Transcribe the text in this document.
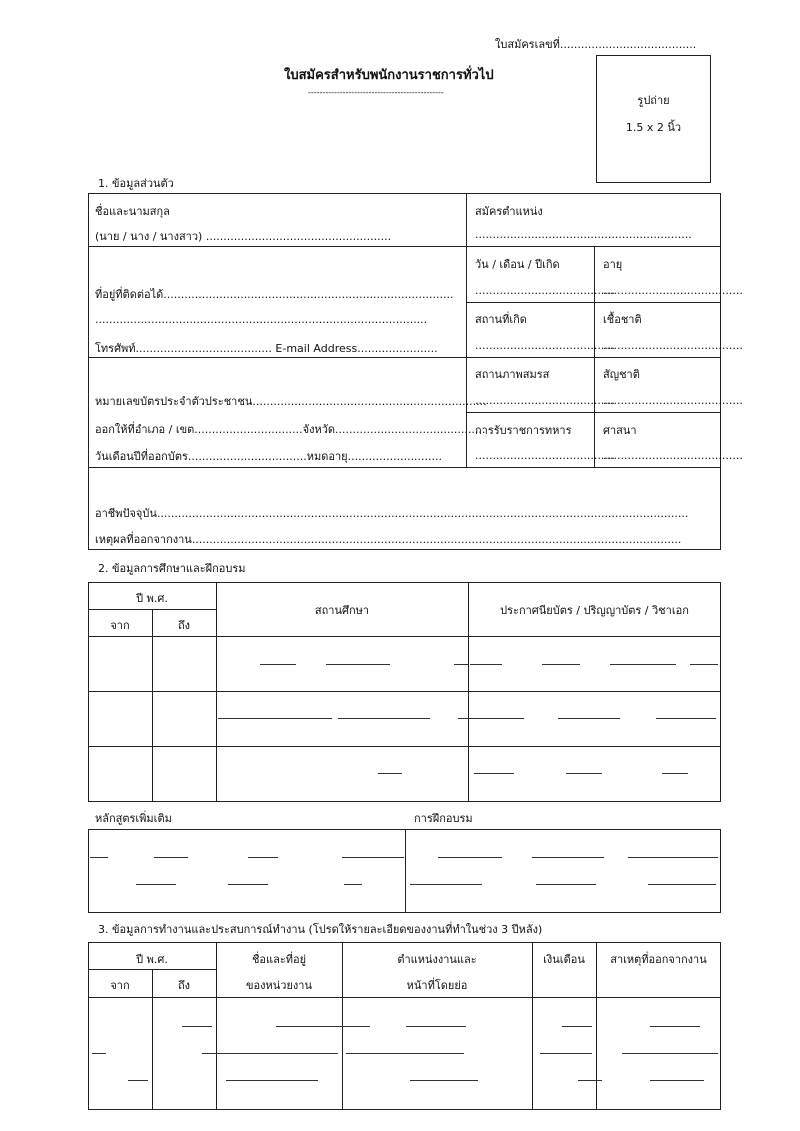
ใบสมัครเลขที่.......................................
ใบสมัครสำหรับพนักงานราชการทั่วไป
-----------------------------------------------
รูปถ่าย
1.5 x 2 นิ้ว
1. ข้อมูลส่วนตัว
ชื่อและนามสกุล
(นาย / นาง / นางสาว) .....................................................
สมัครตำแหน่ง
..............................................................
ที่อยู่ที่ติดต่อได้...................................................................................
...............................................................................................
โทรศัพท์....................................... E-mail Address.......................
วัน / เดือน / ปีเกิด
........................................
อายุ
........................................
สถานที่เกิด
........................................
เชื้อชาติ
........................................
หมายเลขบัตรประจำตัวประชาชน...................................................................
ออกให้ที่อำเภอ / เขต...............................จังหวัด...........................................
วันเดือนปีที่ออกบัตร..................................หมดอายุ...........................
สถานภาพสมรส
........................................
สัญชาติ
........................................
การรับราชการทหาร
........................................
ศาสนา
........................................
อาชีพปัจจุบัน........................................................................................................................................................
เหตุผลที่ออกจากงาน............................................................................................................................................
2. ข้อมูลการศึกษาและฝึกอบรม
ปี พ.ศ.
จาก	ถึง
สถานศึกษา	ประกาศนียบัตร / ปริญญาบัตร / วิชาเอก
หลักสูตรเพิ่มเติม	การฝึกอบรม
3. ข้อมูลการทำงานและประสบการณ์ทำงาน (โปรดให้รายละเอียดของงานที่ทำในช่วง 3 ปีหลัง)
ปี พ.ศ.
จาก	ถึง
ชื่อและที่อยู่
ของหน่วยงาน
ตำแหน่งงานและ
หน้าที่โดยย่อ
เงินเดือน	สาเหตุที่ออกจากงาน
